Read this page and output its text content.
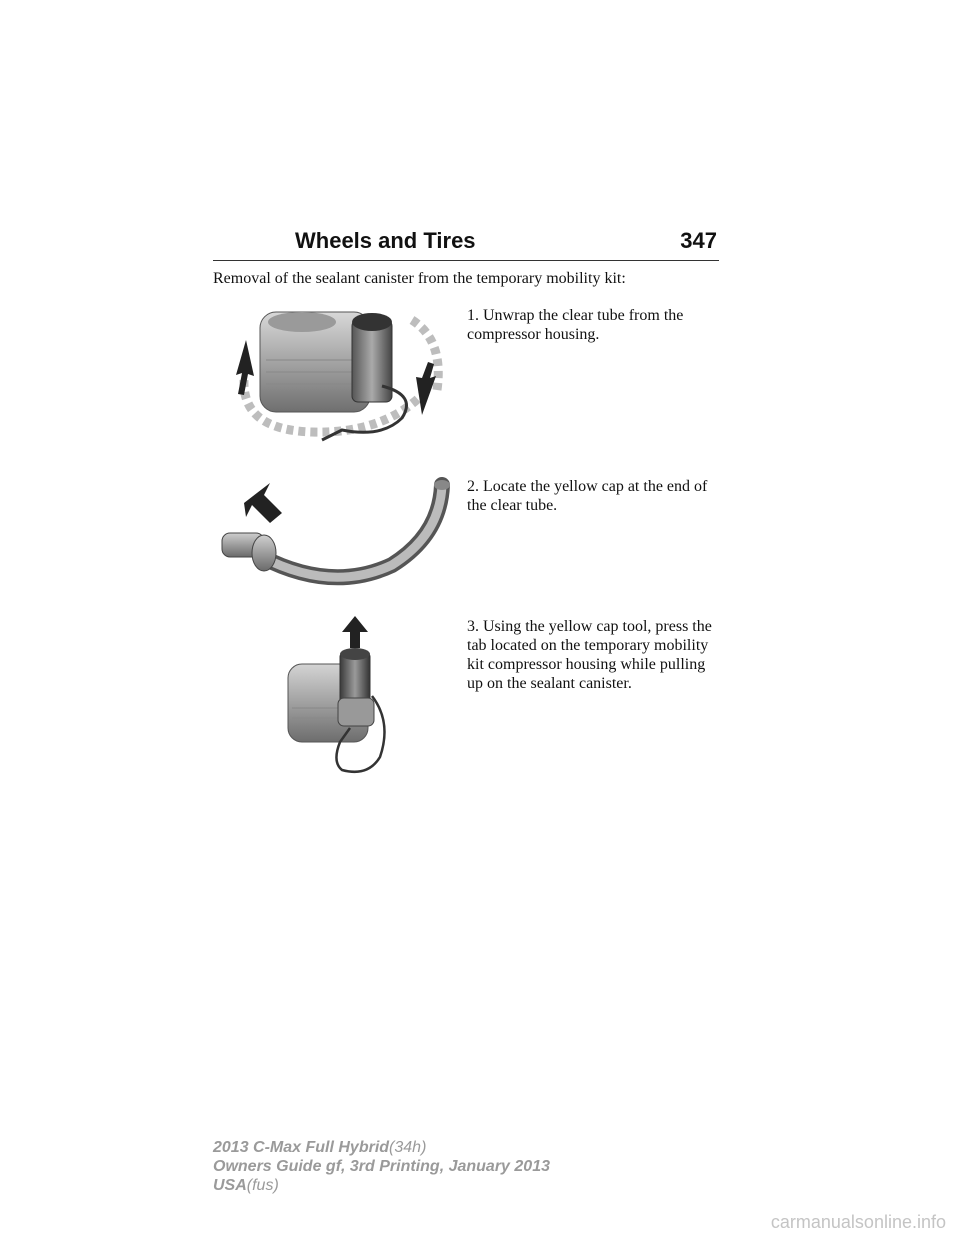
Wheels and Tires	347
Removal of the sealant canister from the temporary mobility kit:
1. Unwrap the clear tube from the compressor housing.
2. Locate the yellow cap at the end of the clear tube.
3. Using the yellow cap tool, press the tab located on the temporary mobility kit compressor housing while pulling up on the sealant canister.
2013 C-Max Full Hybrid(34h)
Owners Guide gf, 3rd Printing, January 2013
USA(fus)
carmanualsonline.info
